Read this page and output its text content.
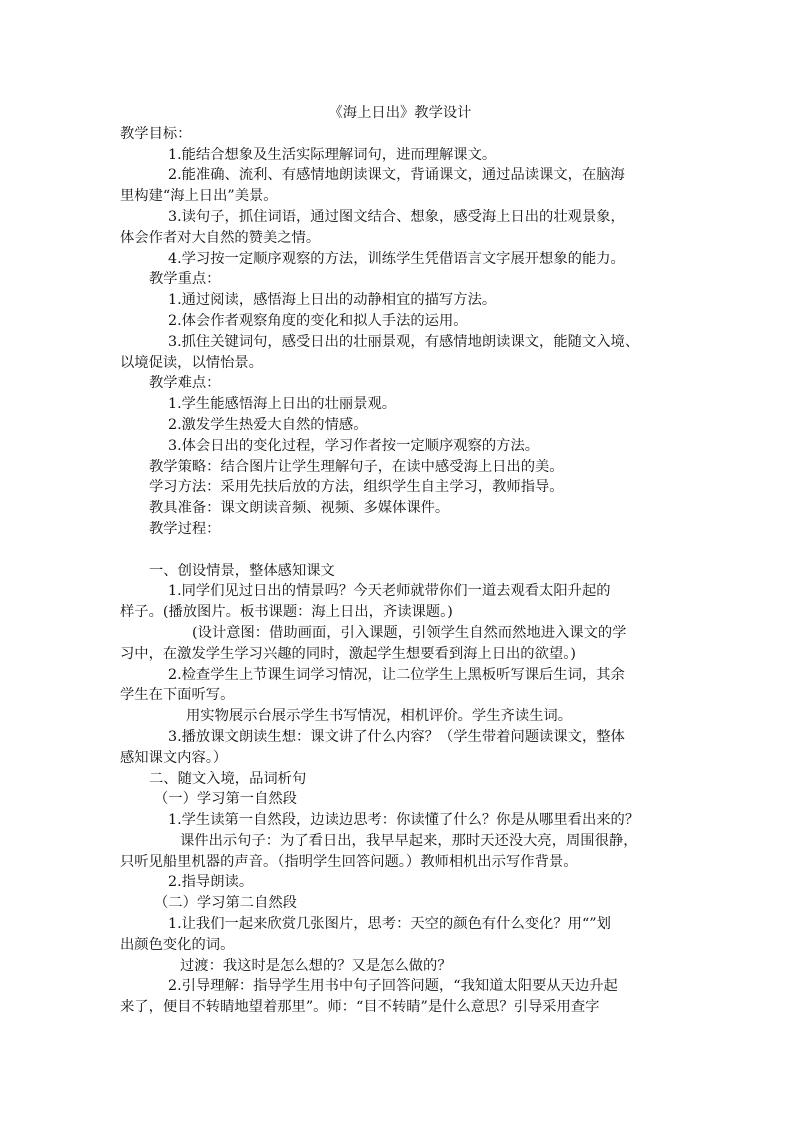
《海上日出》教学设计
教学目标：
1.能结合想象及生活实际理解词句，进而理解课文。
2.能准确、流利、有感情地朗读课文，背诵课文，通过品读课文，在脑海
里构建“海上日出”美景。
3.读句子，抓住词语，通过图文结合、想象，感受海上日出的壮观景象，
体会作者对大自然的赞美之情。
4.学习按一定顺序观察的方法，训练学生凭借语言文字展开想象的能力。
教学重点：
1.通过阅读，感悟海上日出的动静相宜的描写方法。
2.体会作者观察角度的变化和拟人手法的运用。
3.抓住关键词句，感受日出的壮丽景观，有感情地朗读课文，能随文入境、
以境促读，以情怡景。
教学难点：
1.学生能感悟海上日出的壮丽景观。
2.激发学生热爱大自然的情感。
3.体会日出的变化过程，学习作者按一定顺序观察的方法。
教学策略：结合图片让学生理解句子，在读中感受海上日出的美。
学习方法：采用先扶后放的方法，组织学生自主学习，教师指导。
教具准备：课文朗读音频、视频、多媒体课件。
教学过程：
一、创设情景，整体感知课文
1.同学们见过日出的情景吗？今天老师就带你们一道去观看太阳升起的
样子。(播放图片。板书课题：海上日出，齐读课题。)
(设计意图：借助画面，引入课题，引领学生自然而然地进入课文的学
习中，在激发学生学习兴趣的同时，激起学生想要看到海上日出的欲望。)
2.检查学生上节课生词学习情况，让二位学生上黑板听写课后生词，其余
学生在下面听写。
用实物展示台展示学生书写情况，相机评价。学生齐读生词。
3.播放课文朗读生想：课文讲了什么内容？（学生带着问题读课文，整体
感知课文内容。）
二、随文入境，品词析句
（一）学习第一自然段
1.学生读第一自然段，边读边思考：你读懂了什么？你是从哪里看出来的？
课件出示句子：为了看日出，我早早起来，那时天还没大亮，周围很静，
只听见船里机器的声音。（指明学生回答问题。）教师相机出示写作背景。
2.指导朗读。
（二）学习第二自然段
1.让我们一起来欣赏几张图片，思考：天空的颜色有什么变化？用“”划
出颜色变化的词。
过渡：我这时是怎么想的？又是怎么做的？
2.引导理解：指导学生用书中句子回答问题，“我知道太阳要从天边升起
来了，便目不转睛地望着那里”。师：“目不转睛”是什么意思？引导采用查字
